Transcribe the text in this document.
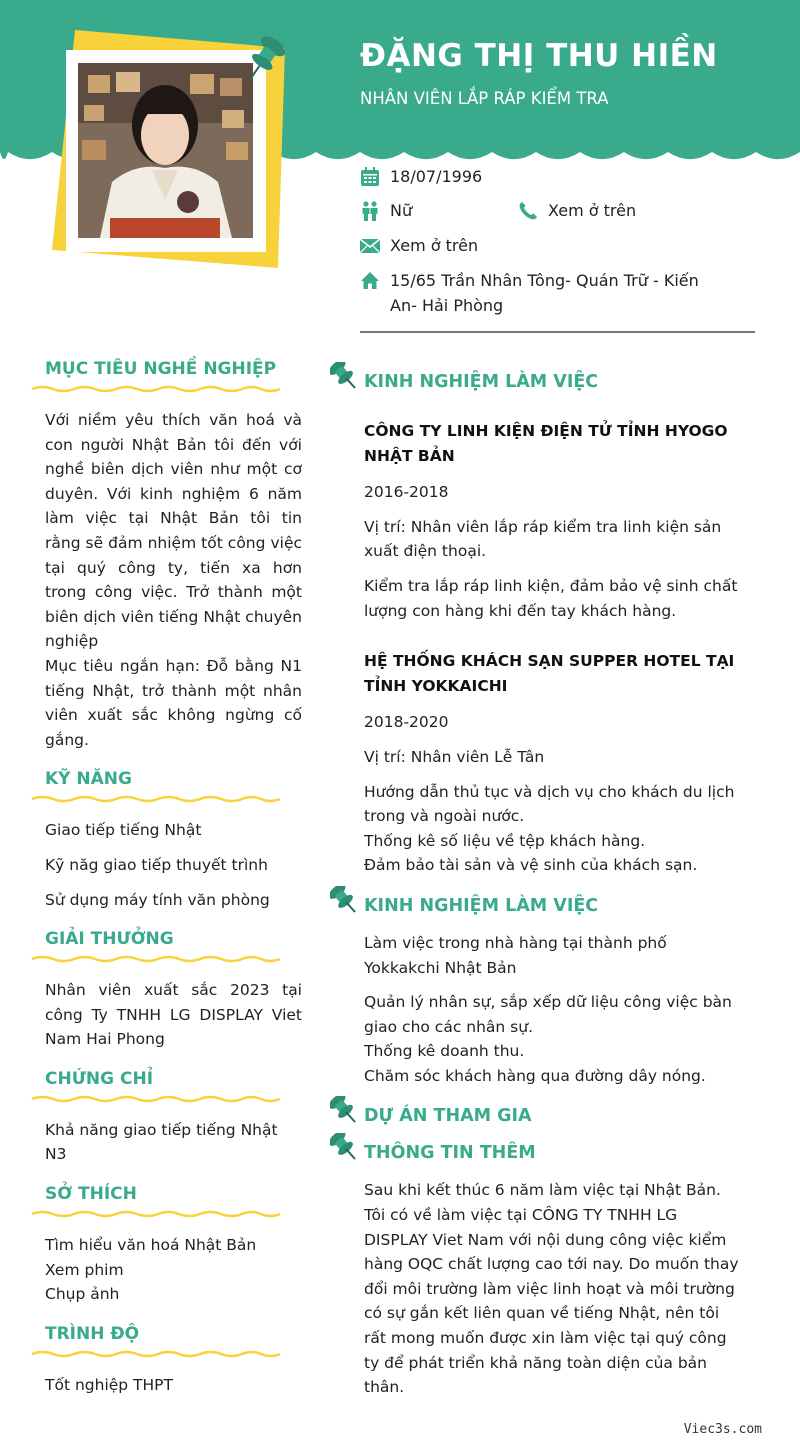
ĐẶNG THỊ THU HIỀN

NHÂN VIÊN LẮP RÁP KIỂM TRA

18/07/1996
Nữ	Xem ở trên
Xem ở trên
15/65 Trần Nhân Tông- Quán Trữ - Kiến
An- Hải Phòng
MỤC TIÊU NGHỀ NGHIỆP

Với niềm yêu thích văn hoá và con người Nhật Bản tôi đến với nghề biên dịch viên như một cơ duyên. Với kinh nghiệm 6 năm làm việc tại Nhật Bản tôi tin rằng sẽ đảm nhiệm tốt công việc tại quý công ty, tiến xa hơn trong công việc. Trở thành một biên dịch viên tiếng Nhật chuyên nghiệp

Mục tiêu ngắn hạn: Đỗ bằng N1 tiếng Nhật, trở thành một nhân viên xuất sắc không ngừng cố gắng.

KỸ NĂNG
Giao tiếp tiếng Nhật
Kỹ năg giao tiếp thuyết trình
Sử dụng máy tính văn phòng
GIẢI THƯỞNG
Nhân viên xuất sắc 2023 tại công Ty TNHH LG DISPLAY Viet Nam Hai Phong
CHỨNG CHỈ
Khả năng giao tiếp tiếng Nhật N3
SỞ THÍCH
Tìm hiểu văn hoá Nhật Bản
Xem phim
Chụp ảnh
TRÌNH ĐỘ
Tốt nghiệp THPT
KINH NGHIỆM LÀM VIỆC

CÔNG TY LINH KIỆN ĐIỆN TỬ TỈNH HYOGO NHẬT BẢN

2016-2018

Vị trí: Nhân viên lắp ráp kiểm tra linh kiện sản xuất điện thoại.

Kiểm tra lắp ráp linh kiện, đảm bảo vệ sinh chất lượng con hàng khi đến tay khách hàng.

HỆ THỐNG KHÁCH SẠN SUPPER HOTEL TẠI TỈNH YOKKAICHI

2018-2020

Vị trí: Nhân viên Lễ Tân

Hướng dẫn thủ tục và dịch vụ cho khách du lịch trong và ngoài nước.

Thống kê số liệu về tệp khách hàng.

Đảm bảo tài sản và vệ sinh của khách sạn.

KINH NGHIỆM LÀM VIỆC

Làm việc trong nhà hàng tại thành phố Yokkakchi Nhật Bản

Quản lý nhân sự, sắp xếp dữ liệu công việc bàn giao cho các nhân sự.

Thống kê doanh thu.

Chăm sóc khách hàng qua đường dây nóng.

DỰ ÁN THAM GIA
THÔNG TIN THÊM

Sau khi kết thúc 6 năm làm việc tại Nhật Bản. Tôi có về làm việc tại CÔNG TY TNHH LG DISPLAY Viet Nam với nội dung công việc kiểm hàng OQC chất lượng cao tới nay. Do muốn thay đổi môi trường làm việc linh hoạt và môi trường có sự gắn kết liên quan về tiếng Nhật, nên tôi rất mong muốn được xin làm việc tại quý công ty để phát triển khả năng toàn diện của bản thân.

Viec3s.com
